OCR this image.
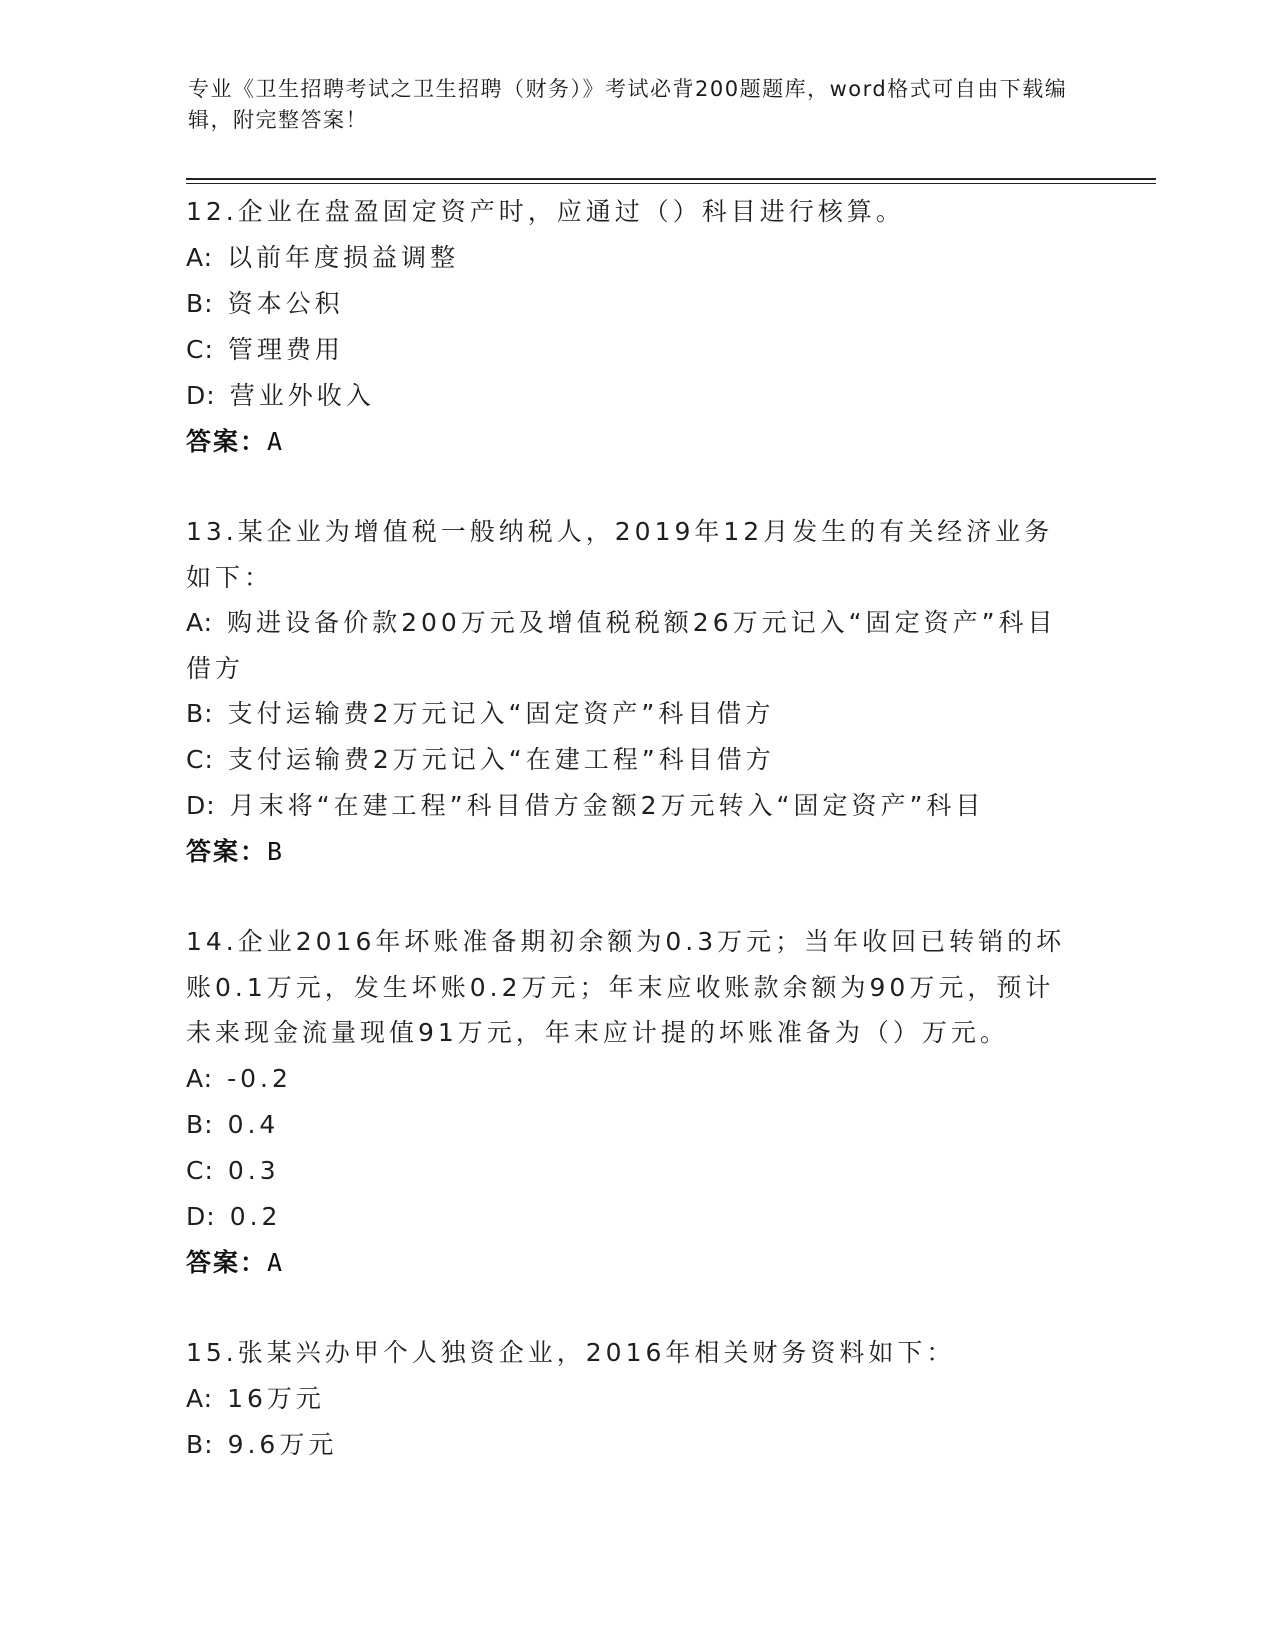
专业《卫生招聘考试之卫生招聘（财务）》考试必背200题题库，word格式可自由下载编辑，附完整答案！
12.企业在盘盈固定资产时，应通过（）科目进行核算。
A: 以前年度损益调整
B: 资本公积
C: 管理费用
D: 营业外收入
答案：A
13.某企业为增值税一般纳税人，2019年12月发生的有关经济业务如下：
A: 购进设备价款200万元及增值税税额26万元记入“固定资产”科目借方
B: 支付运输费2万元记入“固定资产”科目借方
C: 支付运输费2万元记入“在建工程”科目借方
D: 月末将“在建工程”科目借方金额2万元转入“固定资产”科目
答案：B
14.企业2016年坏账准备期初余额为0.3万元；当年收回已转销的坏账0.1万元，发生坏账0.2万元；年末应收账款余额为90万元，预计未来现金流量现值91万元，年末应计提的坏账准备为（）万元。
A: -0.2
B: 0.4
C: 0.3
D: 0.2
答案：A
15.张某兴办甲个人独资企业，2016年相关财务资料如下：
A: 16万元
B: 9.6万元
